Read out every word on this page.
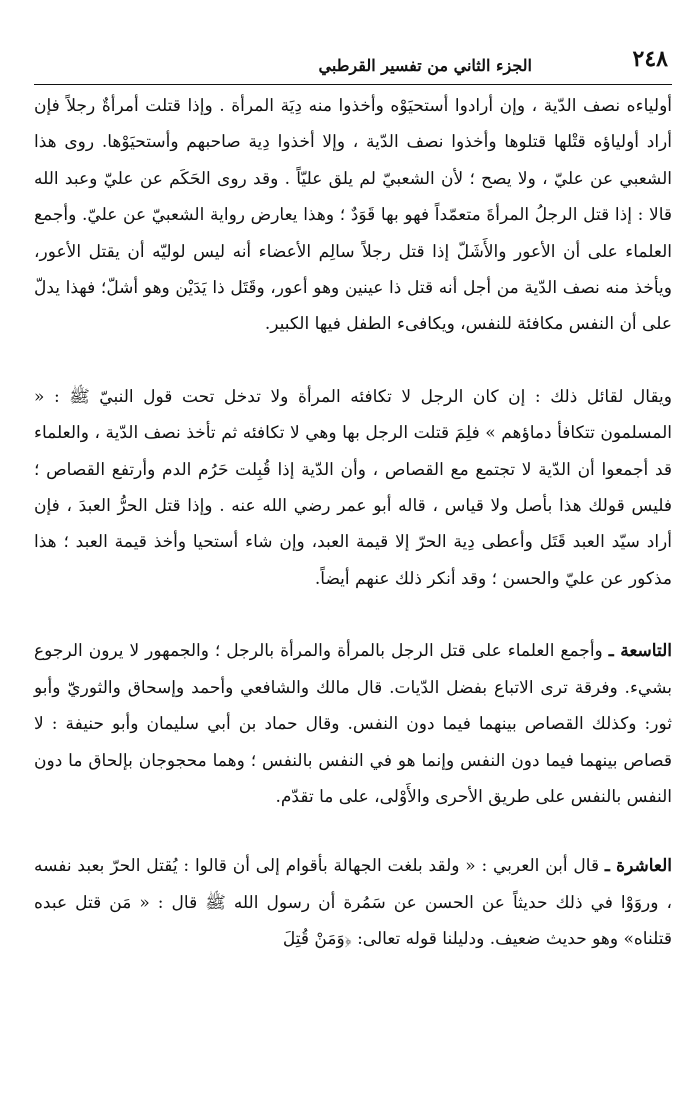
٢٤٨
الجزء الثاني من تفسير القرطبي

أولياءه نصف الدّية ، وإن أرادوا أستحيَوْه وأخذوا منه دِيَة المرأة . وإذا قتلت أمرأةٌ رجلاً فإن أراد أولياؤه قتْلها قتلوها وأخذوا نصف الدّية ، وإلا أخذوا دِية صاحبهم وأستحيَوْها. روى هذا الشعبي عن عليّ ، ولا يصح ؛ لأن الشعبيّ لم يلق عليّاً . وقد روى الحَكَم عن عليّ وعبد الله قالا : إذا قتل الرجلُ المرأةَ متعمّداً فهو بها قَوَدٌ ؛ وهذا يعارض رواية الشعبيّ عن عليّ. وأجمع العلماء على أن الأعور والأَشَلّ إذا قتل رجلاً سالِم الأعضاء أنه ليس لوليّه أن يقتل الأعور، ويأخذ منه نصف الدّية من أجل أنه قتل ذا عينين وهو أعور، وقَتَل ذا يَدَيْن وهو أشلّ؛ فهذا يدلّ على أن النفس مكافئة للنفس، ويكافىء الطفل فيها الكبير.

ويقال لقائل ذلك : إن كان الرجل لا تكافئه المرأة ولا تدخل تحت قول النبيّ ﷺ : « المسلمون تتكافأ دماؤهم » فلِمَ قتلت الرجل بها وهي لا تكافئه ثم تأخذ نصف الدّية ، والعلماء قد أجمعوا أن الدّية لا تجتمع مع القصاص ، وأن الدّية إذا قُبِلت حَرُم الدم وأرتفع القصاص ؛ فليس قولك هذا بأصل ولا قياس ، قاله أبو عمر رضي الله عنه . وإذا قتل الحرُّ العبدَ ، فإن أراد سيّد العبد قَتَل وأعطى دِية الحرّ إلا قيمة العبد، وإن شاء أستحيا وأخذ قيمة العبد ؛ هذا مذكور عن عليّ والحسن ؛ وقد أنكر ذلك عنهم أيضاً.

التاسعة ـ وأجمع العلماء على قتل الرجل بالمرأة والمرأة بالرجل ؛ والجمهور لا يرون الرجوع بشيء. وفرقة ترى الاتباع بفضل الدّيات. قال مالك والشافعي وأحمد وإسحاق والثوريّ وأبو ثور: وكذلك القصاص بينهما فيما دون النفس. وقال حماد بن أبي سليمان وأبو حنيفة : لا قصاص بينهما فيما دون النفس وإنما هو في النفس بالنفس ؛ وهما محجوجان بإلحاق ما دون النفس بالنفس على طريق الأحرى والأَوْلى، على ما تقدّم.

العاشرة ـ قال أبن العربي : « ولقد بلغت الجهالة بأقوام إلى أن قالوا : يُقتل الحرّ بعبد نفسه ، وروَوْا في ذلك حديثاً عن الحسن عن سَمُرة أن رسول الله ﷺ قال : « مَن قتل عبده قتلناه» وهو حديث ضعيف. ودليلنا قوله تعالى: ﴿وَمَنْ قُتِلَ
